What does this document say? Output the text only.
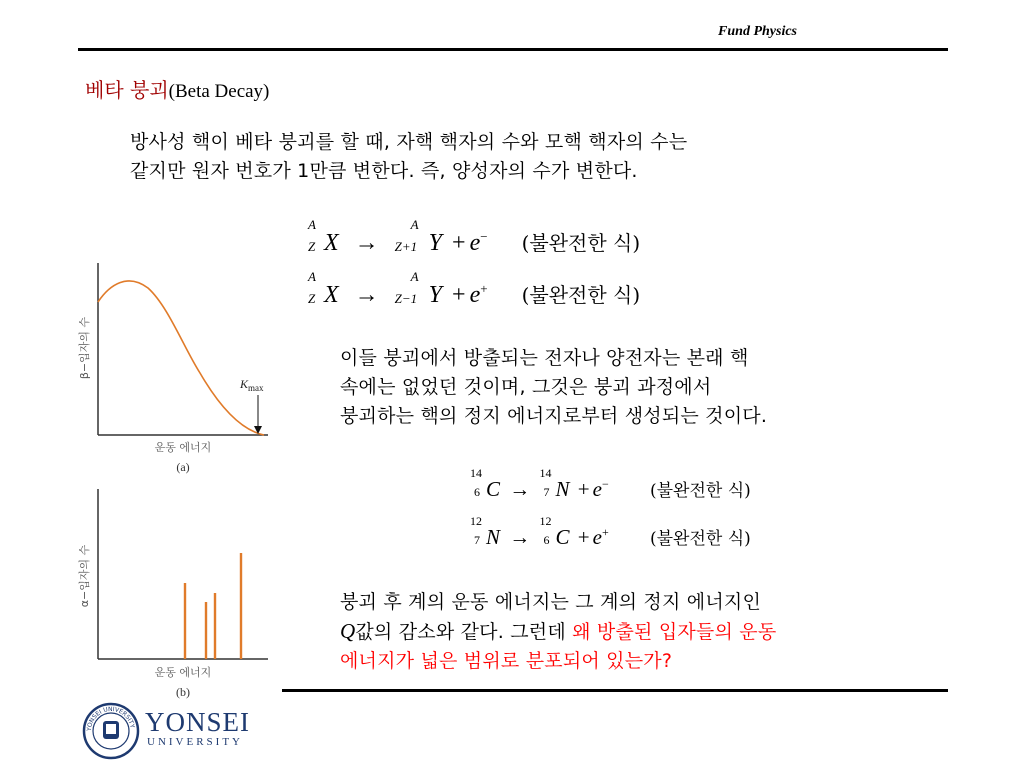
Fund Physics
베타 붕괴(Beta Decay)
방사성 핵이 베타 붕괴를 할 때, 자핵 핵자의 수와 모핵 핵자의 수는
같지만 원자 번호가 1만큼 변한다. 즉, 양성자의 수가 변한다.
A
Z X →
A
Z+1 Y + e− (불완전한 식)
A
Z X →
A
Z−1 Y + e+ (불완전한 식)
이들 붕괴에서 방출되는 전자나 양전자는 본래 핵
속에는 없었던 것이며, 그것은 붕괴 과정에서
붕괴하는 핵의 정지 에너지로부터 생성되는 것이다.
14
6 C →
14
7 N + e− (불완전한 식)
12
7 N →
12
6 C + e+ (불완전한 식)
붕괴 후 계의 운동 에너지는 그 계의 정지 에너지인
Q값의 감소와 같다. 그런데 왜 방출된 입자들의 운동
에너지가 넓은 범위로 분포되어 있는가?
β−입자의 수
$K_{max}$
운동 에너지
(a)
α−입자의 수
운동 에너지
(b)
YONSEI UNIVERSITY YONSEI
UNIVERSITY
